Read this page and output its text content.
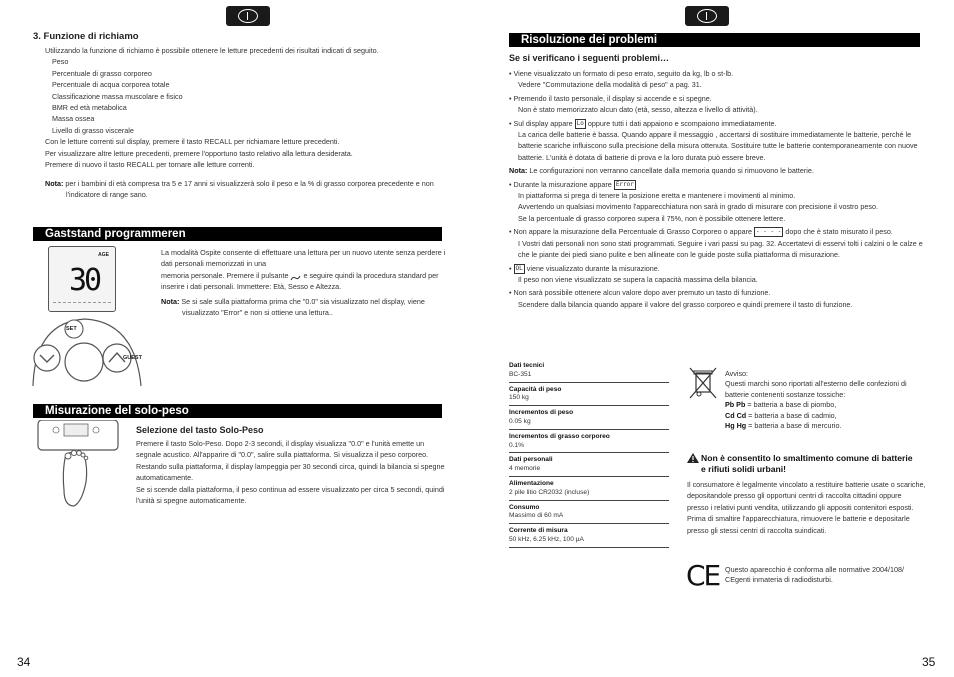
3. Funzione di richiamo

Utilizzando la funzione di richiamo è possibile ottenere le letture precedenti dei risultati indicati di seguito.

Peso

Percentuale di grasso corporeo

Percentuale di acqua corporea totale

Classificazione massa muscolare e fisico

BMR ed età metabolica

Massa ossea

Livello di grasso viscerale

Con le letture correnti sul display, premere il tasto RECALL per richiamare letture precedenti.

Per visualizzare altre letture precedenti, premere l'opportuno tasto relativo alla lettura desiderata.

Premere di nuovo il tasto RECALL per tornare alle letture correnti.

Nota: per i bambini di età compresa tra 5 e 17 anni si visualizzerà solo il peso e la % di grasso corporea precedente e non

l'indicatore di range sano.

Gaststand programmeren
AGE
30
SET
GUEST

La modalità Ospite consente di effettuare una lettura per un nuovo utente senza perdere i

dati personali memorizzati in una

memoria personale. Premere il pulsante e seguire quindi la procedura standard per

inserire i dati personali. Immettere: Età, Sesso e Altezza.

Nota: Se si sale sulla piattaforma prima che "0.0" sia visualizzato nel display, viene

visualizzato "Error" e non si ottiene una lettura..

Misurazione del solo-peso
Selezione del tasto Solo-Peso

Premere il tasto Solo-Peso. Dopo 2-3 secondi, il display visualizza "0.0" e l'unità emette un

segnale acustico. All'apparire di "0.0", salire sulla piattaforma. Si visualizza il peso corporeo.

Restando sulla piattaforma, il display lampeggia per 30 secondi circa, quindi la bilancia si spegne

automaticamente.

Se si scende dalla piattaforma, il peso continua ad essere visualizzato per circa 5 secondi, quindi

l'unità si spegne automaticamente.

34
Risoluzione dei problemi
Se si verificano i seguenti problemi…

• Viene visualizzato un formato di peso errato, seguito da kg, lb o st-lb.

Vedere "Commutazione della modalità di peso" a pag. 31.

• Premendo il tasto personale, il display si accende e si spegne.

Non è stato memorizzato alcun dato (età, sesso, altezza e livello di attività).

• Sul display appare Lo oppure tutti i dati appaiono e scompaiono immediatamente.

La carica delle batterie è bassa. Quando appare il messaggio , accertarsi di sostituire immediatamente le batterie, perché le

batterie scariche influiscono sulla precisione della misura ottenuta. Sostituire tutte le batterie contemporaneamente con nuove

batterie. L'unità è dotata di batterie di prova e la loro durata può essere breve.

Nota: Le configurazioni non verranno cancellate dalla memoria quando si rimuovono le batterie.

• Durante la misurazione appare Error

In piattaforma si prega di tenere la posizione eretta e mantenere i movimenti al minimo.

Avvertendo un qualsiasi movimento l'apparecchiatura non sarà in grado di misurare con precisione il vostro peso.

Se la percentuale di grasso corporeo supera il 75%, non è possibile ottenere lettere.

• Non appare la misurazione della Percentuale di Grasso Corporeo o appare - - - - dopo che è stato misurato il peso.

I Vostri dati personali non sono stati programmati. Seguire i vari passi su pag. 32. Accertatevi di esservi tolti i calzini o le calze e

che le piante dei piedi siano pulite e ben allineate con le guide poste sulla piattaforma di misurazione.

• OL viene visualizzato durante la misurazione.

Il peso non viene visualizzato se supera la capacità massima della bilancia.

• Non sarà possibile ottenere alcun valore dopo aver premuto un tasto di funzione.

Scendere dalla bilancia quando appare il valore del grasso corporeo e quindi premere il tasto di funzione.

Dati tecnici
BC-351
Capacità di peso
150 kg
Incrementos di peso
0.05 kg
Incrementos di grasso corporeo
0.1%
Dati personali
4 memorie
Alimentazione
2 pile litio CR2032 (incluse)
Consumo
Massimo di 60 mA
Corrente di misura
50 kHz, 6.25 kHz, 100 µA

Avviso:

Questi marchi sono riportati all'esterno delle confezioni di

batterie contenenti sostanze tossiche:

Pb Pb = batteria a base di piombo,

Cd Cd = batteria a base di cadmio,

Hg Hg = batteria a base di mercurio.

Non è consentito lo smaltimento comune di batterie

e rifiuti solidi urbani!

Il consumatore è legalmente vincolato a restituire batterie usate o scariche,

depositandole presso gli opportuni centri di raccolta cittadini oppure

presso i relativi punti vendita, utilizzando gli appositi contenitori esposti.

Prima di smaltire l'apparecchiatura, rimuovere le batterie e depositarle

presso gli stessi centri di raccolta suindicati.

CE Questo aparecchio è conforma alle normative 2004/108/

CEgenti inmateria di radiodisturbi.

35
